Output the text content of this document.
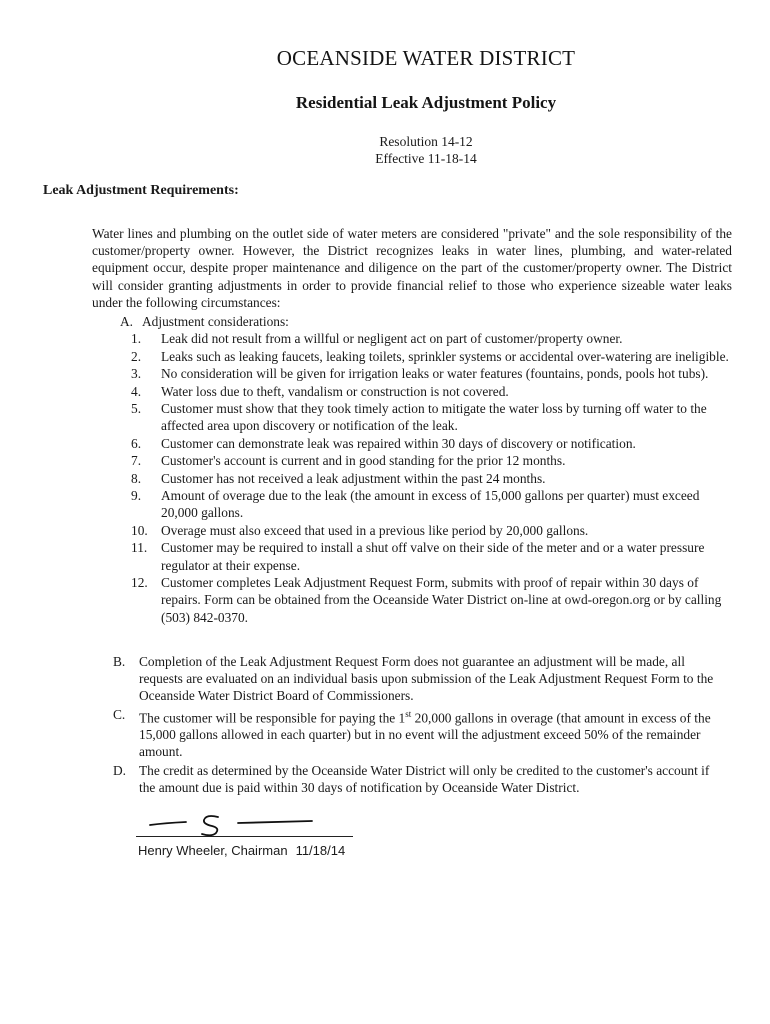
OCEANSIDE WATER DISTRICT
Residential Leak Adjustment Policy
Resolution 14-12
Effective 11-18-14
Leak Adjustment Requirements:
Water lines and plumbing on the outlet side of water meters are considered "private" and the sole responsibility of the customer/property owner. However, the District recognizes leaks in water lines, plumbing, and water-related equipment occur, despite proper maintenance and diligence on the part of the customer/property owner. The District will consider granting adjustments in order to provide financial relief to those who experience sizeable water leaks under the following circumstances:
A. Adjustment considerations:
1.	Leak did not result from a willful or negligent act on part of customer/property owner.
2.	Leaks such as leaking faucets, leaking toilets, sprinkler systems or accidental over-watering are ineligible.
3.	No consideration will be given for irrigation leaks or water features (fountains, ponds, pools hot tubs).
4.	Water loss due to theft, vandalism or construction is not covered.
5.	Customer must show that they took timely action to mitigate the water loss by turning off water to the affected area upon discovery or notification of the leak.
6.	Customer can demonstrate leak was repaired within 30 days of discovery or notification.
7.	Customer's account is current and in good standing for the prior 12 months.
8.	Customer has not received a leak adjustment within the past 24 months.
9.	Amount of overage due to the leak (the amount in excess of 15,000 gallons per quarter) must exceed 20,000 gallons.
10. Overage must also exceed that used in a previous like period by 20,000 gallons.
11.	Customer may be required to install a shut off valve on their side of the meter and or a water pressure regulator at their expense.
12. Customer completes Leak Adjustment Request Form, submits with proof of repair within 30 days of repairs. Form can be obtained from the Oceanside Water District on-line at owd-oregon.org or by calling (503) 842-0370.
B.	Completion of the Leak Adjustment Request Form does not guarantee an adjustment will be made, all requests are evaluated on an individual basis upon submission of the Leak Adjustment Request Form to the Oceanside Water District Board of Commissioners.
C.	The customer will be responsible for paying the 1st 20,000 gallons in overage (that amount in excess of the 15,000 gallons allowed in each quarter) but in no event will the adjustment exceed 50% of the remainder amount.
D. The credit as determined by the Oceanside Water District will only be credited to the customer's account if the amount due is paid within 30 days of notification by Oceanside Water District.
Henry Wheeler, Chairman 11/18/14
